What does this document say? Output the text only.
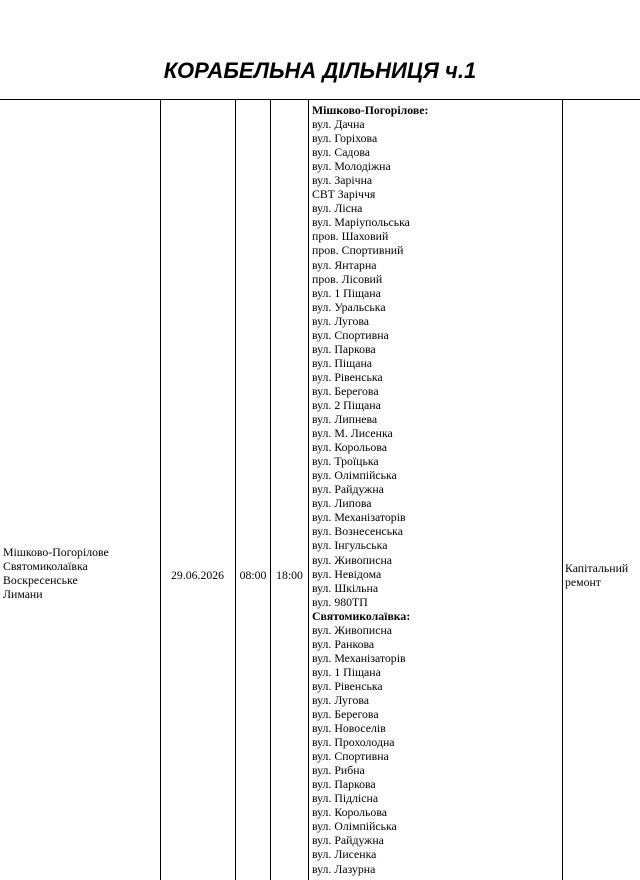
КОРАБЕЛЬНА ДІЛЬНИЦЯ ч.1
Мішково-Погорілове
Святомиколаївка
Воскресенське
Лимани
29.06.2026	08:00 18:00	Капітальний
ремонт
Мішково-Погорілове:
вул. Дачна
вул. Горіхова
вул. Садова
вул. Молодіжна
вул. Зарічна
СВТ Заріччя
вул. Лісна
вул. Маріупольська
пров. Шаховий
пров. Спортивний
вул. Янтарна
пров. Лісовий
вул. 1 Піщана
вул. Уральська
вул. Лугова
вул. Спортивна
вул. Паркова
вул. Піщана
вул. Рівенська
вул. Берегова
вул. 2 Піщана
вул. Липнева
вул. М. Лисенка
вул. Корольова
вул. Троїцька
вул. Олімпійська
вул. Райдужна
вул. Липова
вул. Механізаторів
вул. Вознесенська
вул. Інгульська
вул. Живописна
вул. Невідома
вул. Шкільна
вул. 980ТП
Святомиколаївка:
вул. Живописна
вул. Ранкова
вул. Механізаторів
вул. 1 Піщана
вул. Рівенська
вул. Лугова
вул. Берегова
вул. Новоселів
вул. Прохолодна
вул. Спортивна
вул. Рибна
вул. Паркова
вул. Підлісна
вул. Корольова
вул. Олімпійська
вул. Райдужна
вул. Лисенка
вул. Лазурна
